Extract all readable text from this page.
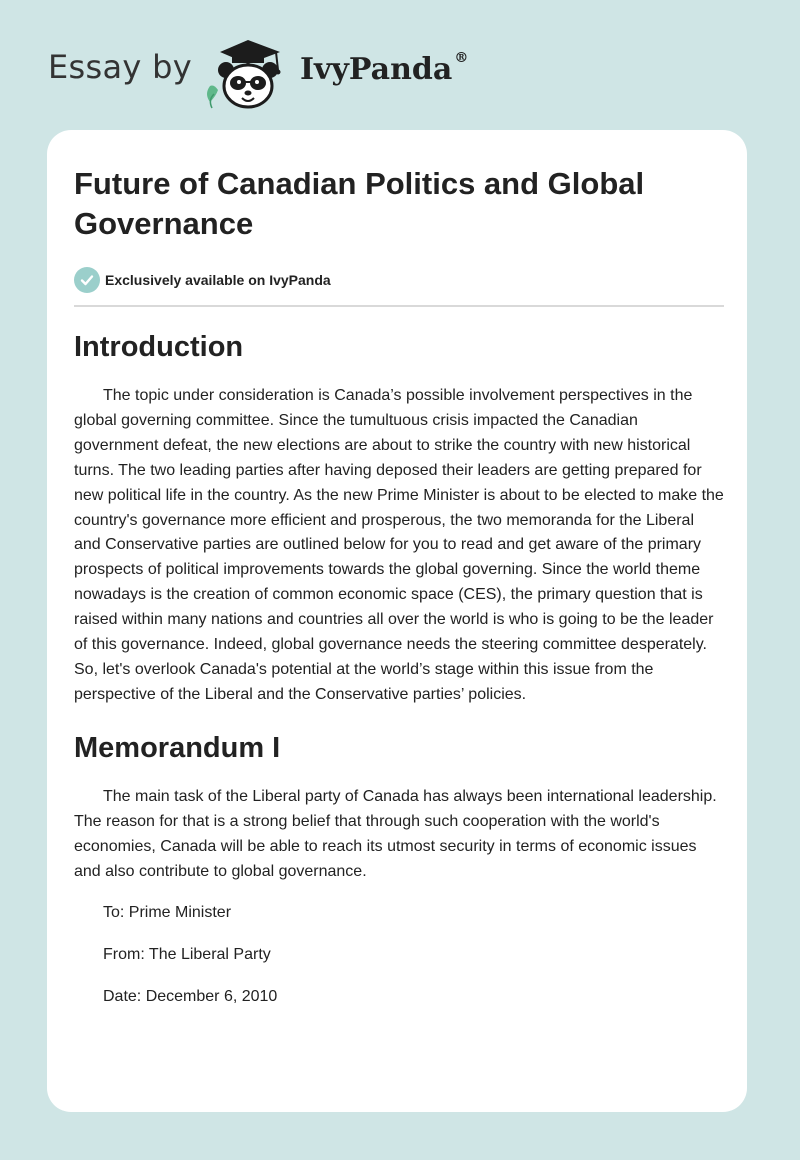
Essay by	IvyPanda ®
Future of Canadian Politics and Global Governance
Exclusively available on IvyPanda
Introduction

The topic under consideration is Canada’s possible involvement perspectives in the global governing committee. Since the tumultuous crisis impacted the Canadian government defeat, the new elections are about to strike the country with new historical turns. The two leading parties after having deposed their leaders are getting prepared for new political life in the country. As the new Prime Minister is about to be elected to make the country's governance more efficient and prosperous, the two memoranda for the Liberal and Conservative parties are outlined below for you to read and get aware of the primary prospects of political improvements towards the global governing. Since the world theme nowadays is the creation of common economic space (CES), the primary question that is raised within many nations and countries all over the world is who is going to be the leader of this governance. Indeed, global governance needs the steering committee desperately. So, let's overlook Canada's potential at the world’s stage within this issue from the perspective of the Liberal and the Conservative parties’ policies.

Memorandum I

The main task of the Liberal party of Canada has always been international leadership. The reason for that is a strong belief that through such cooperation with the world's economies, Canada will be able to reach its utmost security in terms of economic issues and also contribute to global governance.

To: Prime Minister

From: The Liberal Party

Date: December 6, 2010
